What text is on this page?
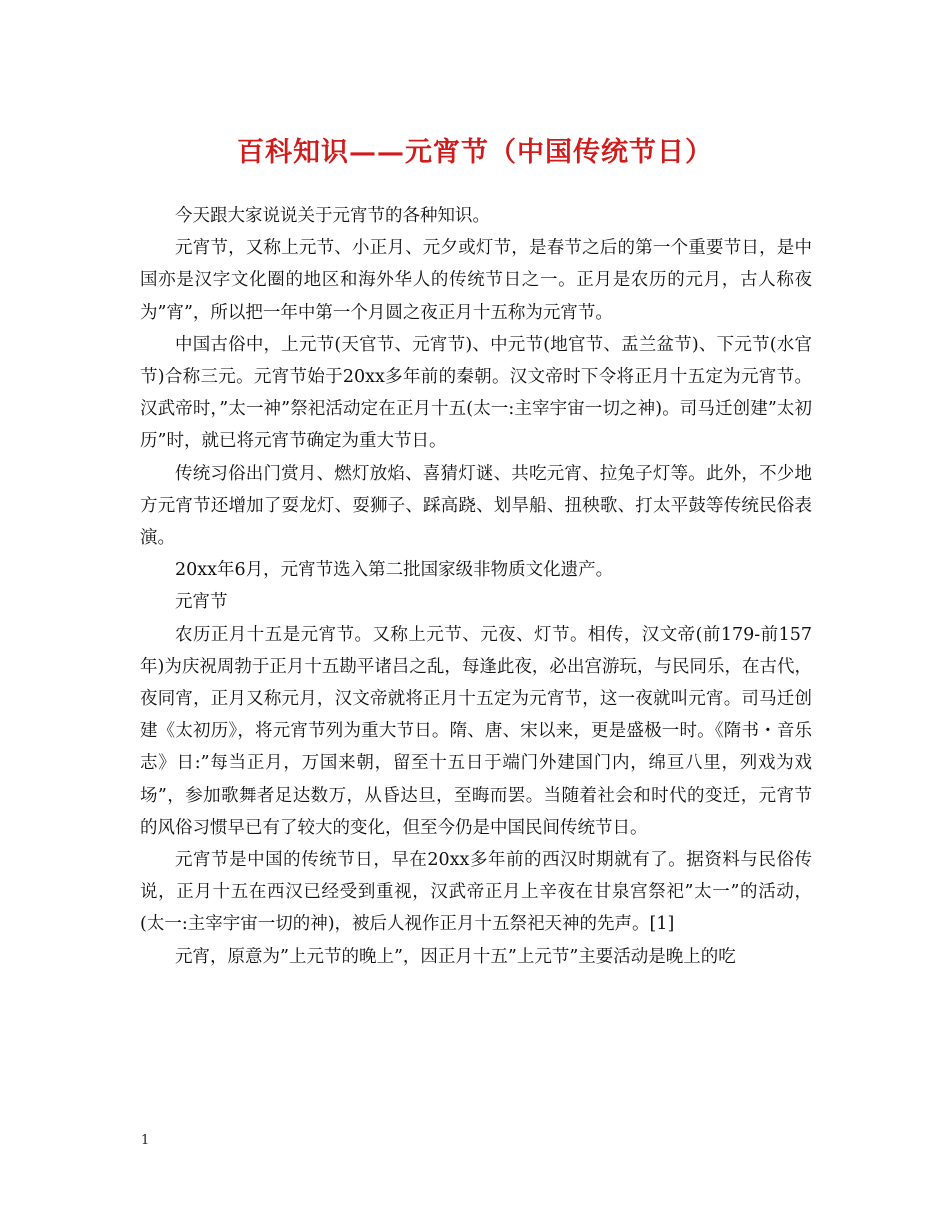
百科知识——元宵节（中国传统节日）

今天跟大家说说关于元宵节的各种知识。

元宵节，又称上元节、小正月、元夕或灯节，是春节之后的第一个重要节日，是中国亦是汉字文化圈的地区和海外华人的传统节日之一。正月是农历的元月，古人称夜为”宵”，所以把一年中第一个月圆之夜正月十五称为元宵节。

中国古俗中，上元节(天官节、元宵节)、中元节(地官节、盂兰盆节)、下元节(水官节)合称三元。元宵节始于20xx多年前的秦朝。汉文帝时下令将正月十五定为元宵节。汉武帝时，”太一神”祭祀活动定在正月十五(太一:主宰宇宙一切之神)。司马迁创建”太初历”时，就已将元宵节确定为重大节日。

传统习俗出门赏月、燃灯放焰、喜猜灯谜、共吃元宵、拉兔子灯等。此外，不少地方元宵节还增加了耍龙灯、耍狮子、踩高跷、划旱船、扭秧歌、打太平鼓等传统民俗表演。

20xx年6月，元宵节选入第二批国家级非物质文化遗产。

元宵节

农历正月十五是元宵节。又称上元节、元夜、灯节。相传，汉文帝(前179-前157年)为庆祝周勃于正月十五勘平诸吕之乱，每逢此夜，必出宫游玩，与民同乐，在古代，夜同宵，正月又称元月，汉文帝就将正月十五定为元宵节，这一夜就叫元宵。司马迁创建《太初历》，将元宵节列为重大节日。隋、唐、宋以来，更是盛极一时。《隋书・音乐志》日:”每当正月，万国来朝，留至十五日于端门外建国门内，绵亘八里，列戏为戏场”，参加歌舞者足达数万，从昏达旦，至晦而罢。当随着社会和时代的变迁，元宵节的风俗习惯早已有了较大的变化，但至今仍是中国民间传统节日。

元宵节是中国的传统节日，早在20xx多年前的西汉时期就有了。据资料与民俗传说，正月十五在西汉已经受到重视，汉武帝正月上辛夜在甘泉宫祭祀”太一”的活动，(太一:主宰宇宙一切的神)，被后人视作正月十五祭祀天神的先声。[1]

元宵，原意为”上元节的晚上”，因正月十五”上元节”主要活动是晚上的吃

1
